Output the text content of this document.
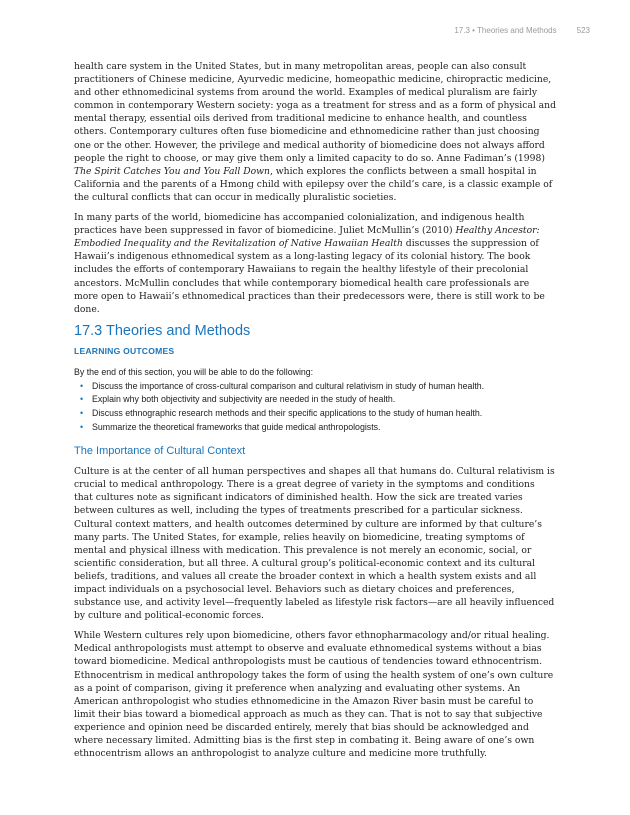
17.3 • Theories and Methods	523

health care system in the United States, but in many metropolitan areas, people can also consult practitioners of Chinese medicine, Ayurvedic medicine, homeopathic medicine, chiropractic medicine, and other ethnomedicinal systems from around the world. Examples of medical pluralism are fairly common in contemporary Western society: yoga as a treatment for stress and as a form of physical and mental therapy, essential oils derived from traditional medicine to enhance health, and countless others. Contemporary cultures often fuse biomedicine and ethnomedicine rather than just choosing one or the other. However, the privilege and medical authority of biomedicine does not always afford people the right to choose, or may give them only a limited capacity to do so. Anne Fadiman’s (1998) The Spirit Catches You and You Fall Down, which explores the conflicts between a small hospital in California and the parents of a Hmong child with epilepsy over the child’s care, is a classic example of the cultural conflicts that can occur in medically pluralistic societies.

In many parts of the world, biomedicine has accompanied colonialization, and indigenous health practices have been suppressed in favor of biomedicine. Juliet McMullin’s (2010) Healthy Ancestor: Embodied Inequality and the Revitalization of Native Hawaiian Health discusses the suppression of Hawaii’s indigenous ethnomedical system as a long-lasting legacy of its colonial history. The book includes the efforts of contemporary Hawaiians to regain the healthy lifestyle of their precolonial ancestors. McMullin concludes that while contemporary biomedical health care professionals are more open to Hawaii’s ethnomedical practices than their predecessors were, there is still work to be done.

17.3 Theories and Methods
LEARNING OUTCOMES

By the end of this section, you will be able to do the following:

• Discuss the importance of cross-cultural comparison and cultural relativism in study of human health.
• Explain why both objectivity and subjectivity are needed in the study of health.
• Discuss ethnographic research methods and their specific applications to the study of human health.
• Summarize the theoretical frameworks that guide medical anthropologists.
The Importance of Cultural Context

Culture is at the center of all human perspectives and shapes all that humans do. Cultural relativism is crucial to medical anthropology. There is a great degree of variety in the symptoms and conditions that cultures note as significant indicators of diminished health. How the sick are treated varies between cultures as well, including the types of treatments prescribed for a particular sickness. Cultural context matters, and health outcomes determined by culture are informed by that culture’s many parts. The United States, for example, relies heavily on biomedicine, treating symptoms of mental and physical illness with medication. This prevalence is not merely an economic, social, or scientific consideration, but all three. A cultural group’s political-economic context and its cultural beliefs, traditions, and values all create the broader context in which a health system exists and all impact individuals on a psychosocial level. Behaviors such as dietary choices and preferences, substance use, and activity level—frequently labeled as lifestyle risk factors—are all heavily influenced by culture and political-economic forces.

While Western cultures rely upon biomedicine, others favor ethnopharmacology and/or ritual healing. Medical anthropologists must attempt to observe and evaluate ethnomedical systems without a bias toward biomedicine. Medical anthropologists must be cautious of tendencies toward ethnocentrism. Ethnocentrism in medical anthropology takes the form of using the health system of one’s own culture as a point of comparison, giving it preference when analyzing and evaluating other systems. An American anthropologist who studies ethnomedicine in the Amazon River basin must be careful to limit their bias toward a biomedical approach as much as they can. That is not to say that subjective experience and opinion need be discarded entirely, merely that bias should be acknowledged and where necessary limited. Admitting bias is the first step in combating it. Being aware of one’s own ethnocentrism allows an anthropologist to analyze culture and medicine more truthfully.
